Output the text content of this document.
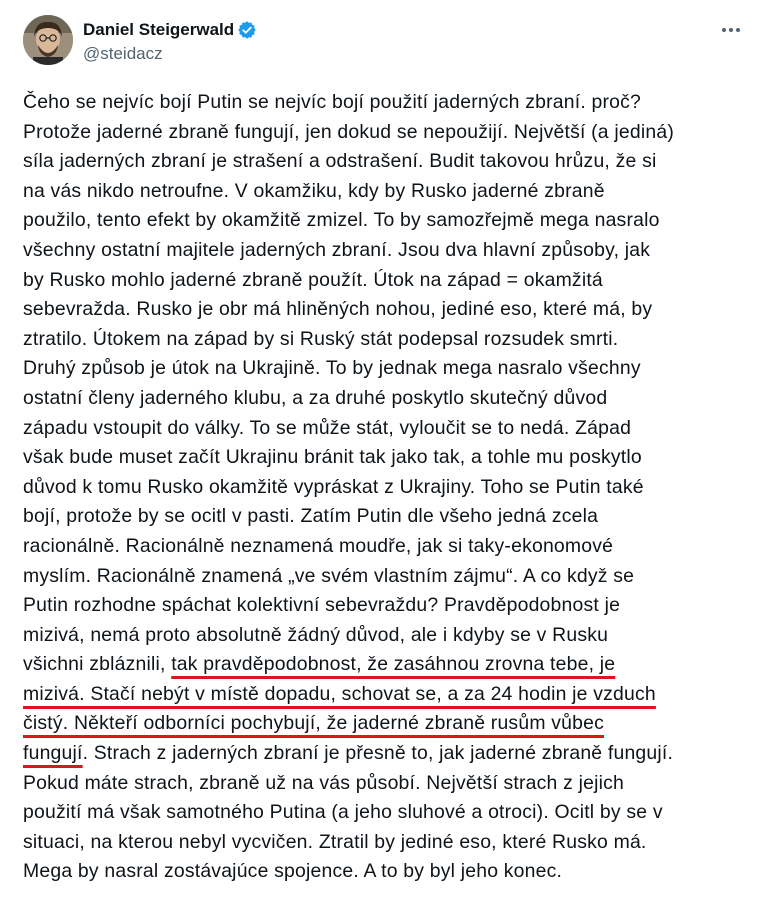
Daniel Steigerwald
@steidacz
Čeho se nejvíc bojí Putin se nejvíc bojí použití jaderných zbraní. proč?
Protože jaderné zbraně fungují, jen dokud se nepoužijí. Největší (a jediná)
síla jaderných zbraní je strašení a odstrašení. Budit takovou hrůzu, že si
na vás nikdo netroufne. V okamžiku, kdy by Rusko jaderné zbraně
použilo, tento efekt by okamžitě zmizel. To by samozřejmě mega nasralo
všechny ostatní majitele jaderných zbraní. Jsou dva hlavní způsoby, jak
by Rusko mohlo jaderné zbraně použít. Útok na západ = okamžitá
sebevražda. Rusko je obr má hliněných nohou, jediné eso, které má, by
ztratilo. Útokem na západ by si Ruský stát podepsal rozsudek smrti.
Druhý způsob je útok na Ukrajině. To by jednak mega nasralo všechny
ostatní členy jaderného klubu, a za druhé poskytlo skutečný důvod
západu vstoupit do války. To se může stát, vyloučit se to nedá. Západ
však bude muset začít Ukrajinu bránit tak jako tak, a tohle mu poskytlo
důvod k tomu Rusko okamžitě vypráskat z Ukrajiny. Toho se Putin také
bojí, protože by se ocitl v pasti. Zatím Putin dle všeho jedná zcela
racionálně. Racionálně neznamená moudře, jak si taky-ekonomové
myslím. Racionálně znamená „ve svém vlastním zájmu“. A co když se
Putin rozhodne spáchat kolektivní sebevraždu? Pravděpodobnost je
mizivá, nemá proto absolutně žádný důvod, ale i kdyby se v Rusku
všichni zbláznili, tak pravděpodobnost, že zasáhnou zrovna tebe, je
mizivá. Stačí nebýt v místě dopadu, schovat se, a za 24 hodin je vzduch
čistý. Někteří odborníci pochybují, že jaderné zbraně rusům vůbec
fungují. Strach z jaderných zbraní je přesně to, jak jaderné zbraně fungují.
Pokud máte strach, zbraně už na vás působí. Největší strach z jejich
použití má však samotného Putina (a jeho sluhové a otroci). Ocitl by se v
situaci, na kterou nebyl vycvičen. Ztratil by jediné eso, které Rusko má.
Mega by nasral zostávajúce spojence. A to by byl jeho konec.
